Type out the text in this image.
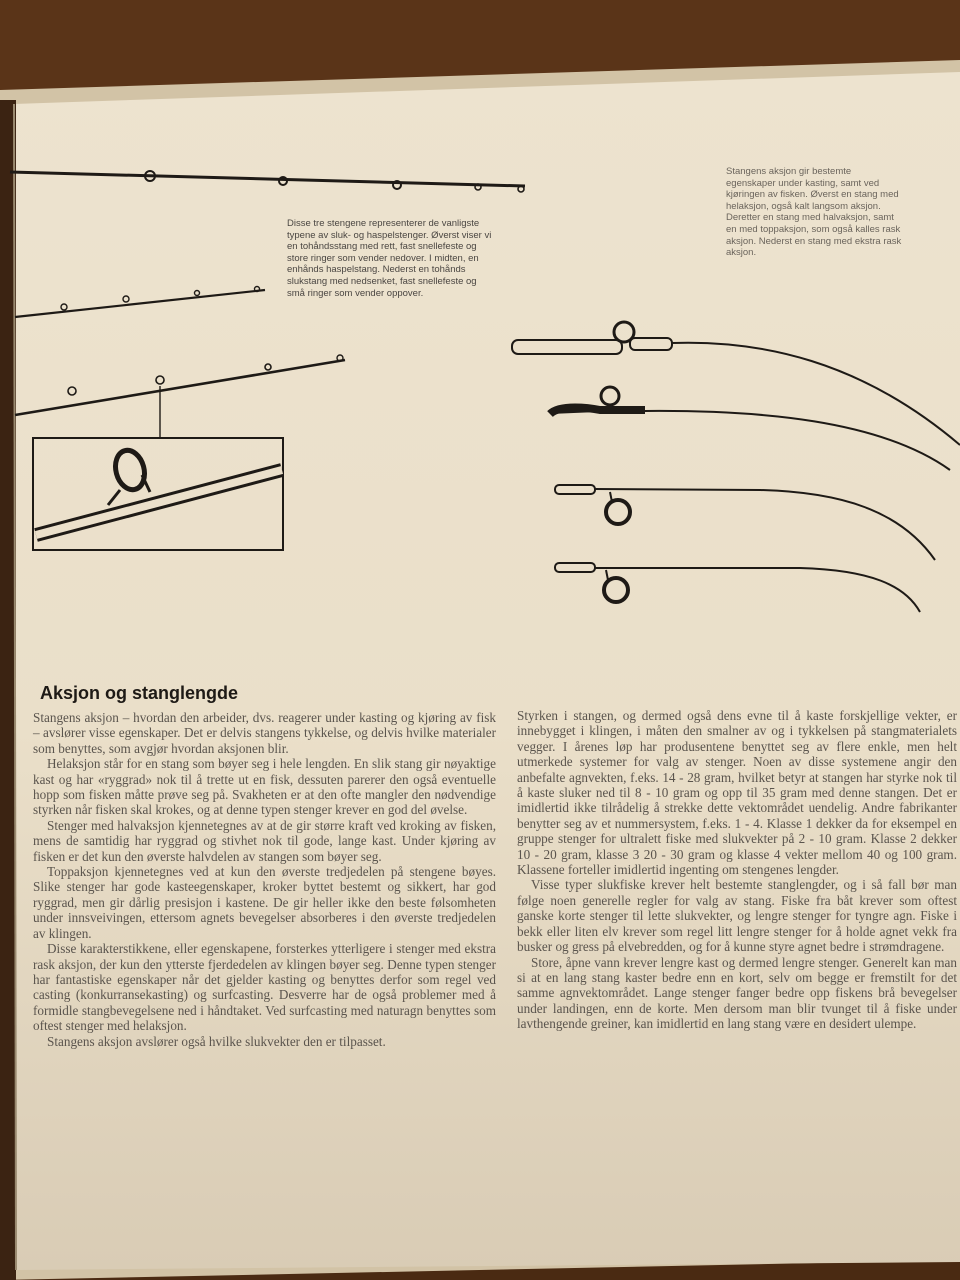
Disse tre stengene representerer de vanligste typene av sluk- og haspelstenger. Øverst viser vi en tohåndsstang med rett, fast snellefeste og store ringer som vender nedover. I midten, en enhånds haspelstang. Nederst en tohånds slukstang med nedsenket, fast snellefeste og små ringer som vender oppover.
Stangens aksjon gir bestemte egenskaper under kasting, samt ved kjøringen av fisken. Øverst en stang med helaksjon, også kalt langsom aksjon. Deretter en stang med halvaksjon, samt en med toppaksjon, som også kalles rask aksjon. Nederst en stang med ekstra rask aksjon.
Aksjon og stanglengde

Stangens aksjon – hvordan den arbeider, dvs. reagerer under kasting og kjøring av fisk – avslører visse egenskaper. Det er delvis stangens tykkelse, og delvis hvilke materialer som benyttes, som avgjør hvordan aksjonen blir.

Helaksjon står for en stang som bøyer seg i hele lengden. En slik stang gir nøyaktige kast og har «ryggrad» nok til å trette ut en fisk, dessuten parerer den også eventuelle hopp som fisken måtte prøve seg på. Svakheten er at den ofte mangler den nødvendige styrken når fisken skal krokes, og at denne typen stenger krever en god del øvelse.

Stenger med halvaksjon kjennetegnes av at de gir større kraft ved kroking av fisken, mens de samtidig har ryggrad og stivhet nok til gode, lange kast. Under kjøring av fisken er det kun den øverste halvdelen av stangen som bøyer seg.

Toppaksjon kjennetegnes ved at kun den øverste tredjedelen på stengene bøyes. Slike stenger har gode kasteegenskaper, kroker byttet bestemt og sikkert, har god ryggrad, men gir dårlig presisjon i kastene. De gir heller ikke den beste følsomheten under innsveivingen, ettersom agnets bevegelser absorberes i den øverste tredjedelen av klingen.

Disse karakterstikkene, eller egenskapene, forsterkes ytterligere i stenger med ekstra rask aksjon, der kun den ytterste fjerdedelen av klingen bøyer seg. Denne typen stenger har fantastiske egenskaper når det gjelder kasting og benyttes derfor som regel ved casting (konkurransekasting) og surfcasting. Desverre har de også problemer med å formidle stangbevegelsene ned i håndtaket. Ved surfcasting med naturagn benyttes som oftest stenger med helaksjon.

Stangens aksjon avslører også hvilke slukvekter den er tilpasset.

Styrken i stangen, og dermed også dens evne til å kaste forskjellige vekter, er innebygget i klingen, i måten den smalner av og i tykkelsen på stangmaterialets vegger. I årenes løp har produsentene benyttet seg av flere enkle, men helt utmerkede systemer for valg av stenger. Noen av disse systemene angir den anbefalte agnvekten, f.eks. 14 - 28 gram, hvilket betyr at stangen har styrke nok til å kaste sluker ned til 8 - 10 gram og opp til 35 gram med denne stangen. Det er imidlertid ikke tilrådelig å strekke dette vektområdet uendelig. Andre fabrikanter benytter seg av et nummersystem, f.eks. 1 - 4. Klasse 1 dekker da for eksempel en gruppe stenger for ultralett fiske med slukvekter på 2 - 10 gram. Klasse 2 dekker 10 - 20 gram, klasse 3 20 - 30 gram og klasse 4 vekter mellom 40 og 100 gram. Klassene forteller imidlertid ingenting om stengenes lengder.

Visse typer slukfiske krever helt bestemte stanglengder, og i så fall bør man følge noen generelle regler for valg av stang. Fiske fra båt krever som oftest ganske korte stenger til lette slukvekter, og lengre stenger for tyngre agn. Fiske i bekk eller liten elv krever som regel litt lengre stenger for å holde agnet vekk fra busker og gress på elvebredden, og for å kunne styre agnet bedre i strømdragene.

Store, åpne vann krever lengre kast og dermed lengre stenger. Generelt kan man si at en lang stang kaster bedre enn en kort, selv om begge er fremstilt for det samme agnvektområdet. Lange stenger fanger bedre opp fiskens brå bevegelser under landingen, enn de korte. Men dersom man blir tvunget til å fiske under lavthengende greiner, kan imidlertid en lang stang være en desidert ulempe.
